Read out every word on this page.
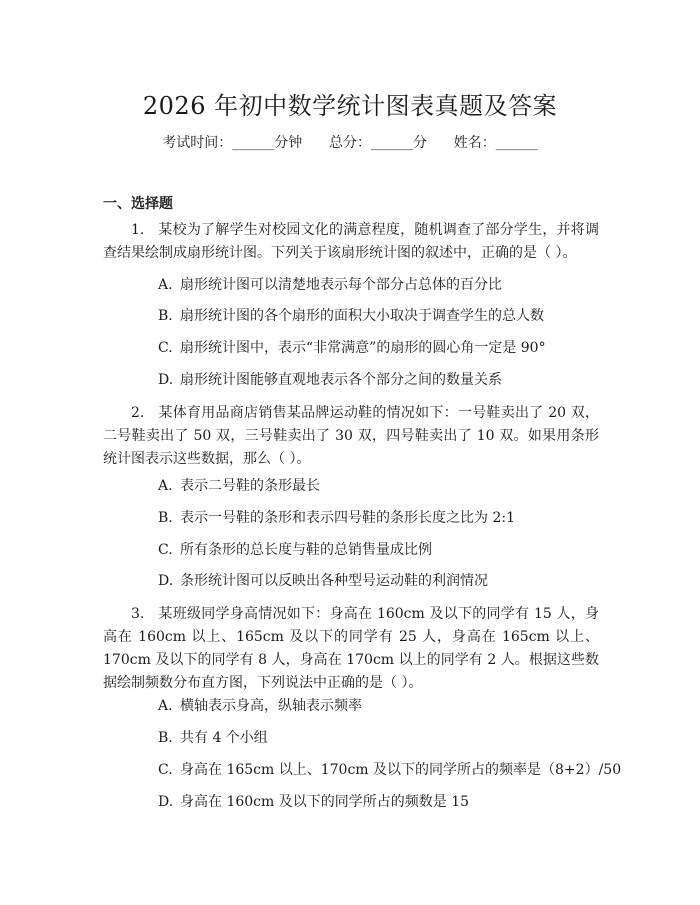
2026 年初中数学统计图表真题及答案
考试时间：______分钟 总分：______分 姓名：______
一、选择题
1. 某校为了解学生对校园文化的满意程度，随机调查了部分学生，并将调查结果绘制成扇形统计图。下列关于该扇形统计图的叙述中，正确的是（ ）。
A. 扇形统计图可以清楚地表示每个部分占总体的百分比
B. 扇形统计图的各个扇形的面积大小取决于调查学生的总人数
C. 扇形统计图中，表示“非常满意”的扇形的圆心角一定是 90°
D. 扇形统计图能够直观地表示各个部分之间的数量关系
2. 某体育用品商店销售某品牌运动鞋的情况如下：一号鞋卖出了 20 双，二号鞋卖出了 50 双，三号鞋卖出了 30 双，四号鞋卖出了 10 双。如果用条形统计图表示这些数据，那么（ ）。
A. 表示二号鞋的条形最长
B. 表示一号鞋的条形和表示四号鞋的条形长度之比为 2:1
C. 所有条形的总长度与鞋的总销售量成比例
D. 条形统计图可以反映出各种型号运动鞋的利润情况
3. 某班级同学身高情况如下：身高在 160cm 及以下的同学有 15 人，身高在 160cm 以上、165cm 及以下的同学有 25 人，身高在 165cm 以上、170cm 及以下的同学有 8 人，身高在 170cm 以上的同学有 2 人。根据这些数据绘制频数分布直方图，下列说法中正确的是（ ）。
A. 横轴表示身高，纵轴表示频率
B. 共有 4 个小组
C. 身高在 165cm 以上、170cm 及以下的同学所占的频率是（8+2）/50
D. 身高在 160cm 及以下的同学所占的频数是 15
